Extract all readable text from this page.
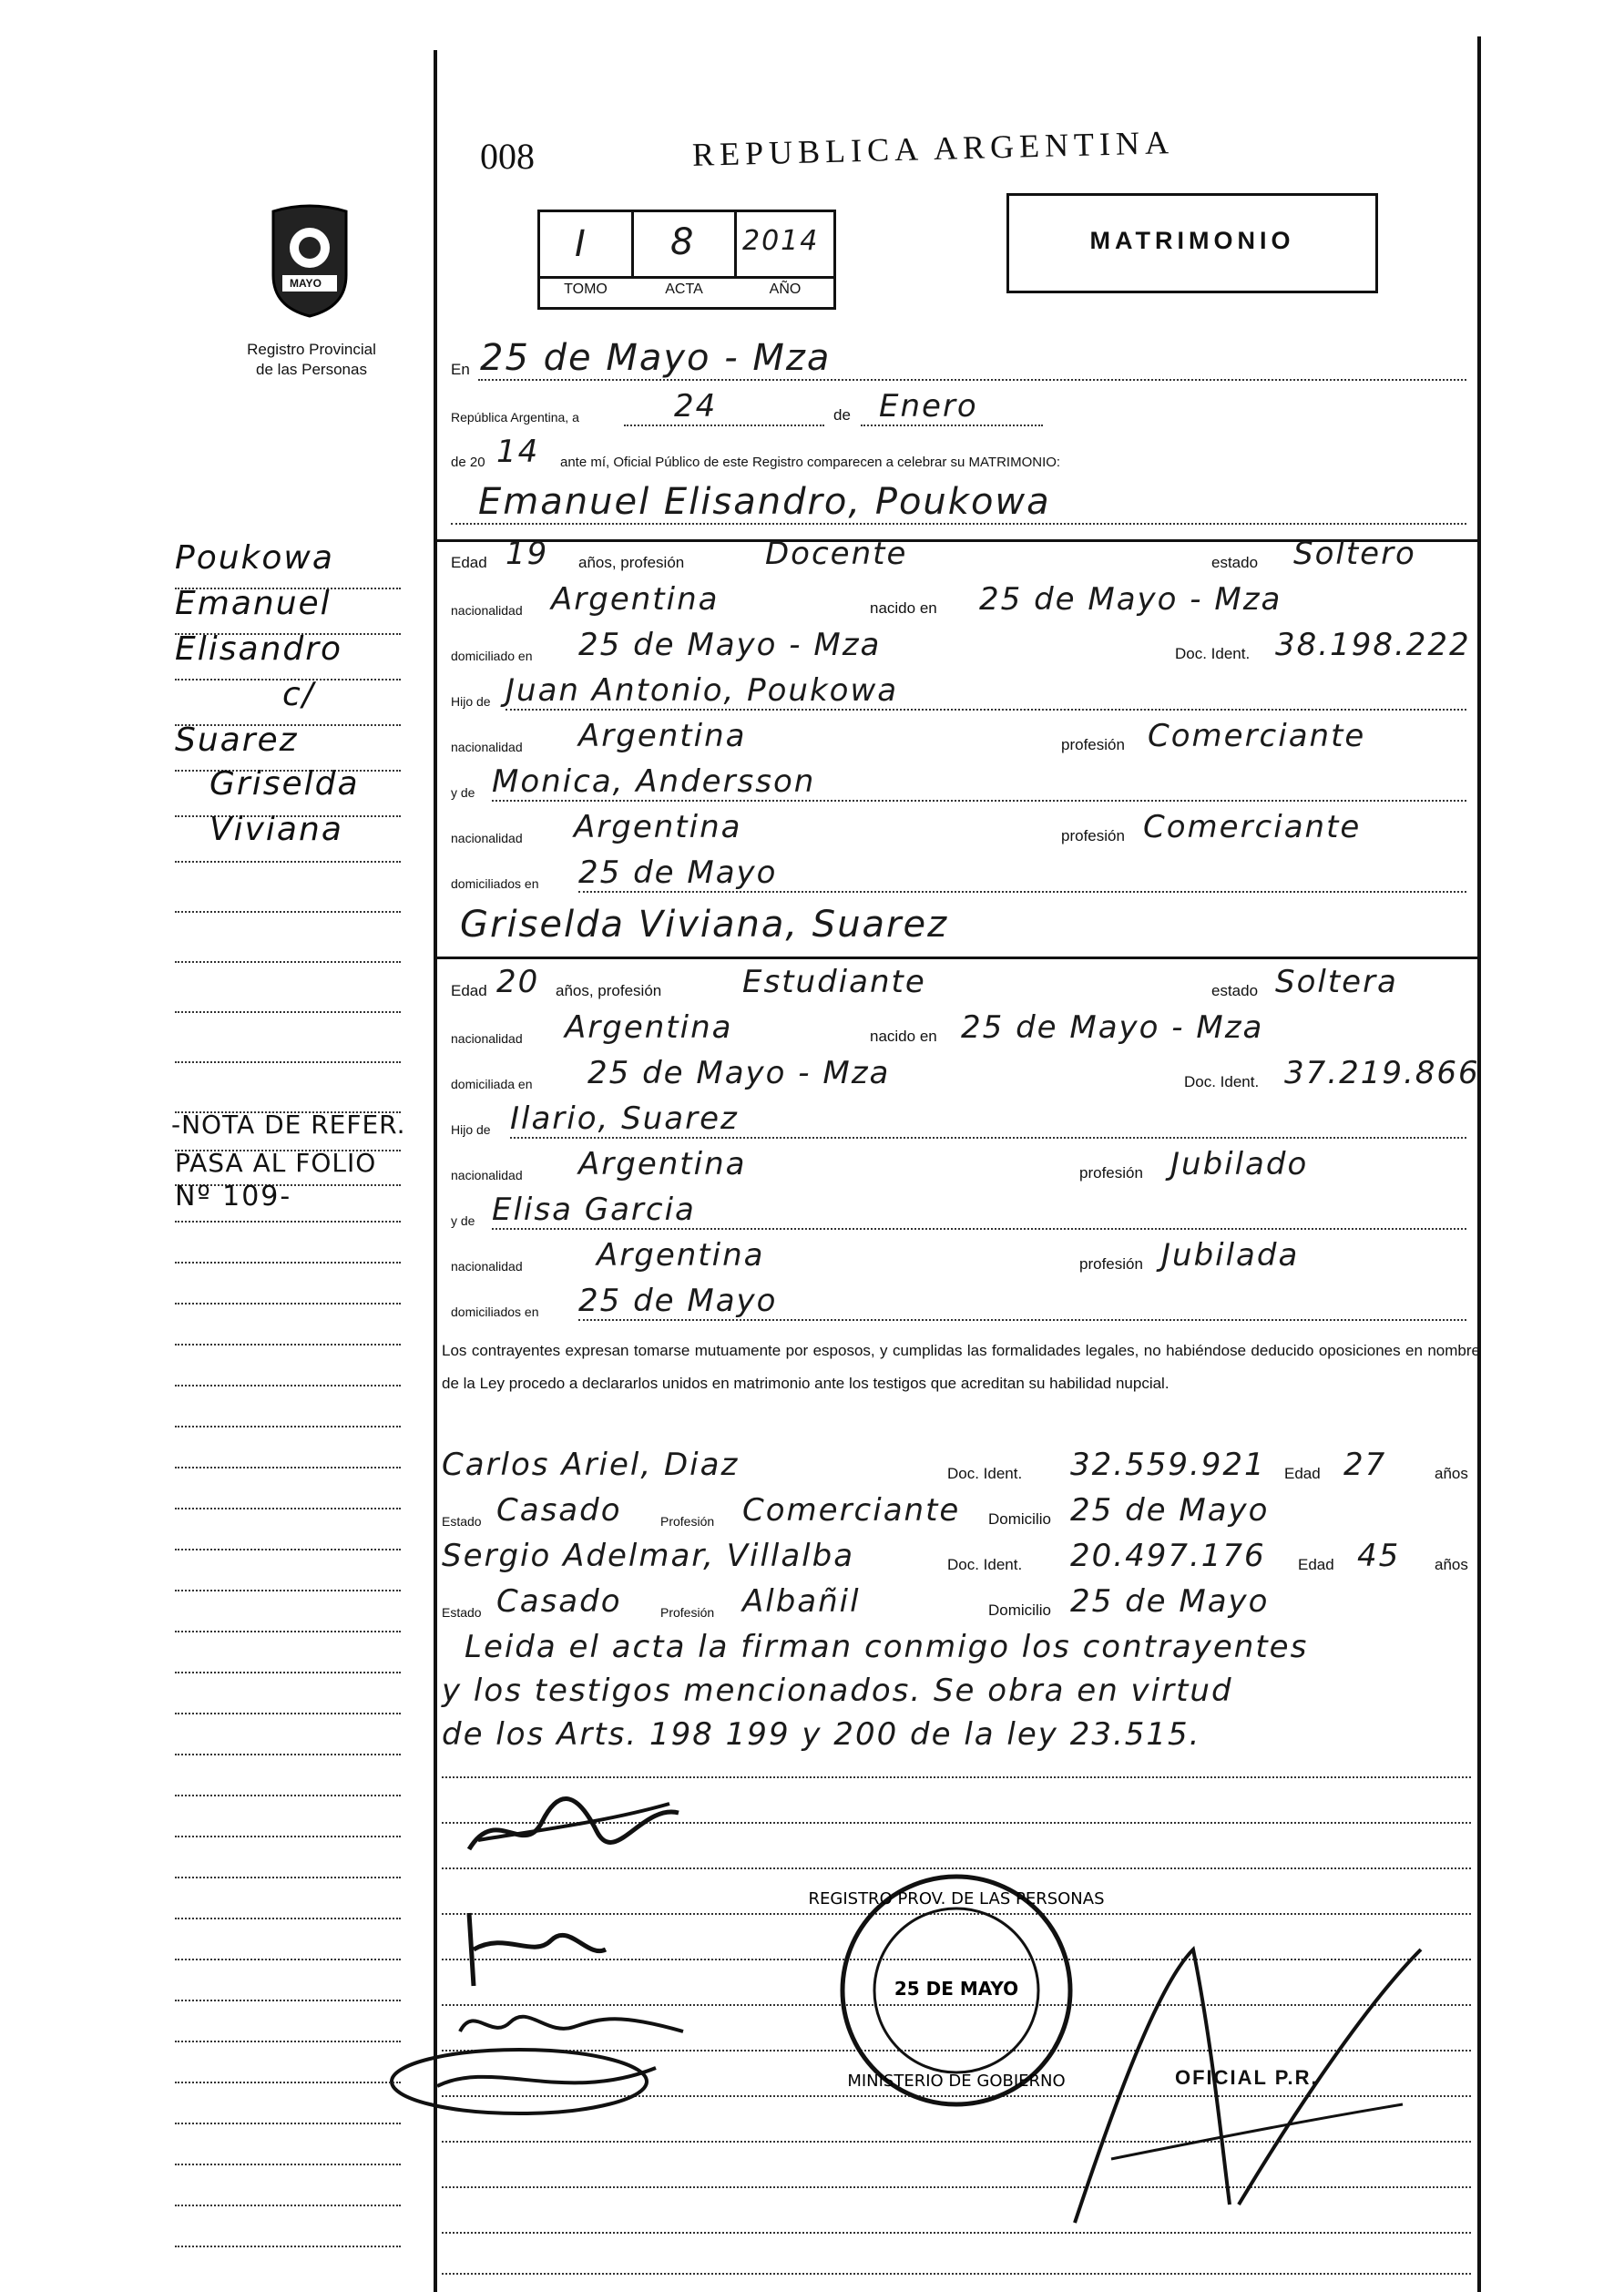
008	REPUBLICA ARGENTINA
MAYO
Registro Provincial
de las Personas
I 8 2014
TOMO	ACTA	AÑO
MATRIMONIO
En 25 de Mayo - Mza
República Argentina, a	24	de Enero
de 20 14 ante mí, Oficial Público de este Registro comparecen a celebrar su MATRIMONIO:
Emanuel Elisandro, Poukowa
Edad 19 años, profesión	Docente	estado Soltero
nacionalidad Argentina	nacido en 25 de Mayo - Mza
domiciliado en 25 de Mayo - Mza	Doc. Ident. 38.198.222
Hijo de Juan Antonio, Poukowa
nacionalidad Argentina	profesión Comerciante
y de Monica, Andersson
nacionalidad Argentina	profesión Comerciante
domiciliados en 25 de Mayo
Griselda Viviana, Suarez
Edad 20 años, profesión	Estudiante	estado Soltera
nacionalidad Argentina	nacido en 25 de Mayo - Mza
domiciliada en 25 de Mayo - Mza	Doc. Ident. 37.219.866
Hijo de Ilario, Suarez
nacionalidad Argentina	profesión Jubilado
y de Elisa Garcia
nacionalidad Argentina	profesión Jubilada
domiciliados en 25 de Mayo
Los contrayentes expresan tomarse mutuamente por esposos, y cumplidas las formalidades legales, no habiéndose deducido oposiciones en nombre de la Ley procedo a declararlos unidos en matrimonio ante los testigos que acreditan su habilidad nupcial.
Carlos Ariel, Diaz	Doc. Ident. 32.559.921 Edad 27	años
Estado Casado	Profesión Comerciante Domicilio 25 de Mayo
Sergio Adelmar, Villalba	Doc. Ident. 20.497.176 Edad 45 años
Estado Casado	Profesión Albañil	Domicilio 25 de Mayo
Leida el acta la firman conmigo los contrayentes
y los testigos mencionados. Se obra en virtud
de los Arts. 198 199 y 200 de la ley 23.515.
REGISTRO PROV. DE LAS PERSONAS
MINISTERIO DE GOBIERNO
25 DE MAYO
OFICIAL P.R.
Poukowa
Emanuel
Elisandro
c/
Suarez
Griselda
Viviana
-NOTA DE REFER.
PASA AL FOLIO
Nº 109-
